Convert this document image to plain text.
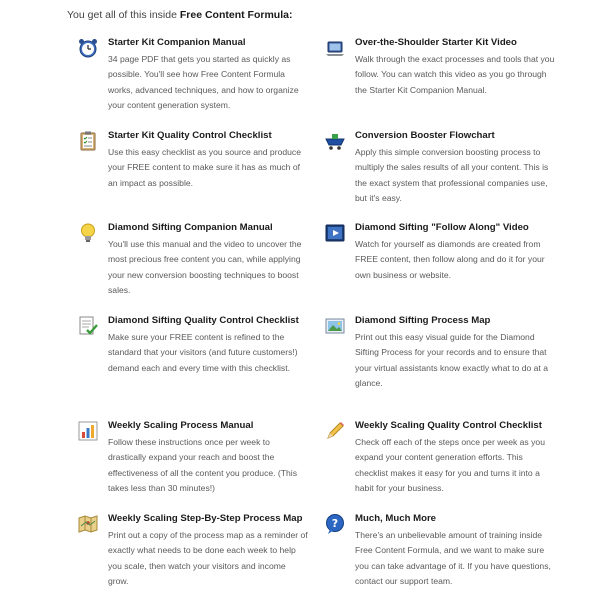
You get all of this inside Free Content Formula:
Starter Kit Companion Manual
34 page PDF that gets you started as quickly as possible. You'll see how Free Content Formula works, advanced techniques, and how to organize your content generation system.
Over-the-Shoulder Starter Kit Video
Walk through the exact processes and tools that you follow. You can watch this video as you go through the Starter Kit Companion Manual.
Starter Kit Quality Control Checklist
Use this easy checklist as you source and produce your FREE content to make sure it has as much of an impact as possible.
Conversion Booster Flowchart
Apply this simple conversion boosting process to multiply the sales results of all your content. This is the exact system that professional companies use, but it's easy.
Diamond Sifting Companion Manual
You'll use this manual and the video to uncover the most precious free content you can, while applying your new conversion boosting techniques to boost sales.
Diamond Sifting "Follow Along" Video
Watch for yourself as diamonds are created from FREE content, then follow along and do it for your own business or website.
Diamond Sifting Quality Control Checklist
Make sure your FREE content is refined to the standard that your visitors (and future customers!) demand each and every time with this checklist.
Diamond Sifting Process Map
Print out this easy visual guide for the Diamond Sifting Process for your records and to ensure that your virtual assistants know exactly what to do at a glance.
Weekly Scaling Process Manual
Follow these instructions once per week to drastically expand your reach and boost the effectiveness of all the content you produce. (This takes less than 30 minutes!)
Weekly Scaling Quality Control Checklist
Check off each of the steps once per week as you expand your content generation efforts. This checklist makes it easy for you and turns it into a habit for your business.
Weekly Scaling Step-By-Step Process Map
Print out a copy of the process map as a reminder of exactly what needs to be done each week to help you scale, then watch your visitors and income grow.
? Much, Much More
There's an unbelievable amount of training inside Free Content Formula, and we want to make sure you can take advantage of it. If you have questions, contact our support team.
